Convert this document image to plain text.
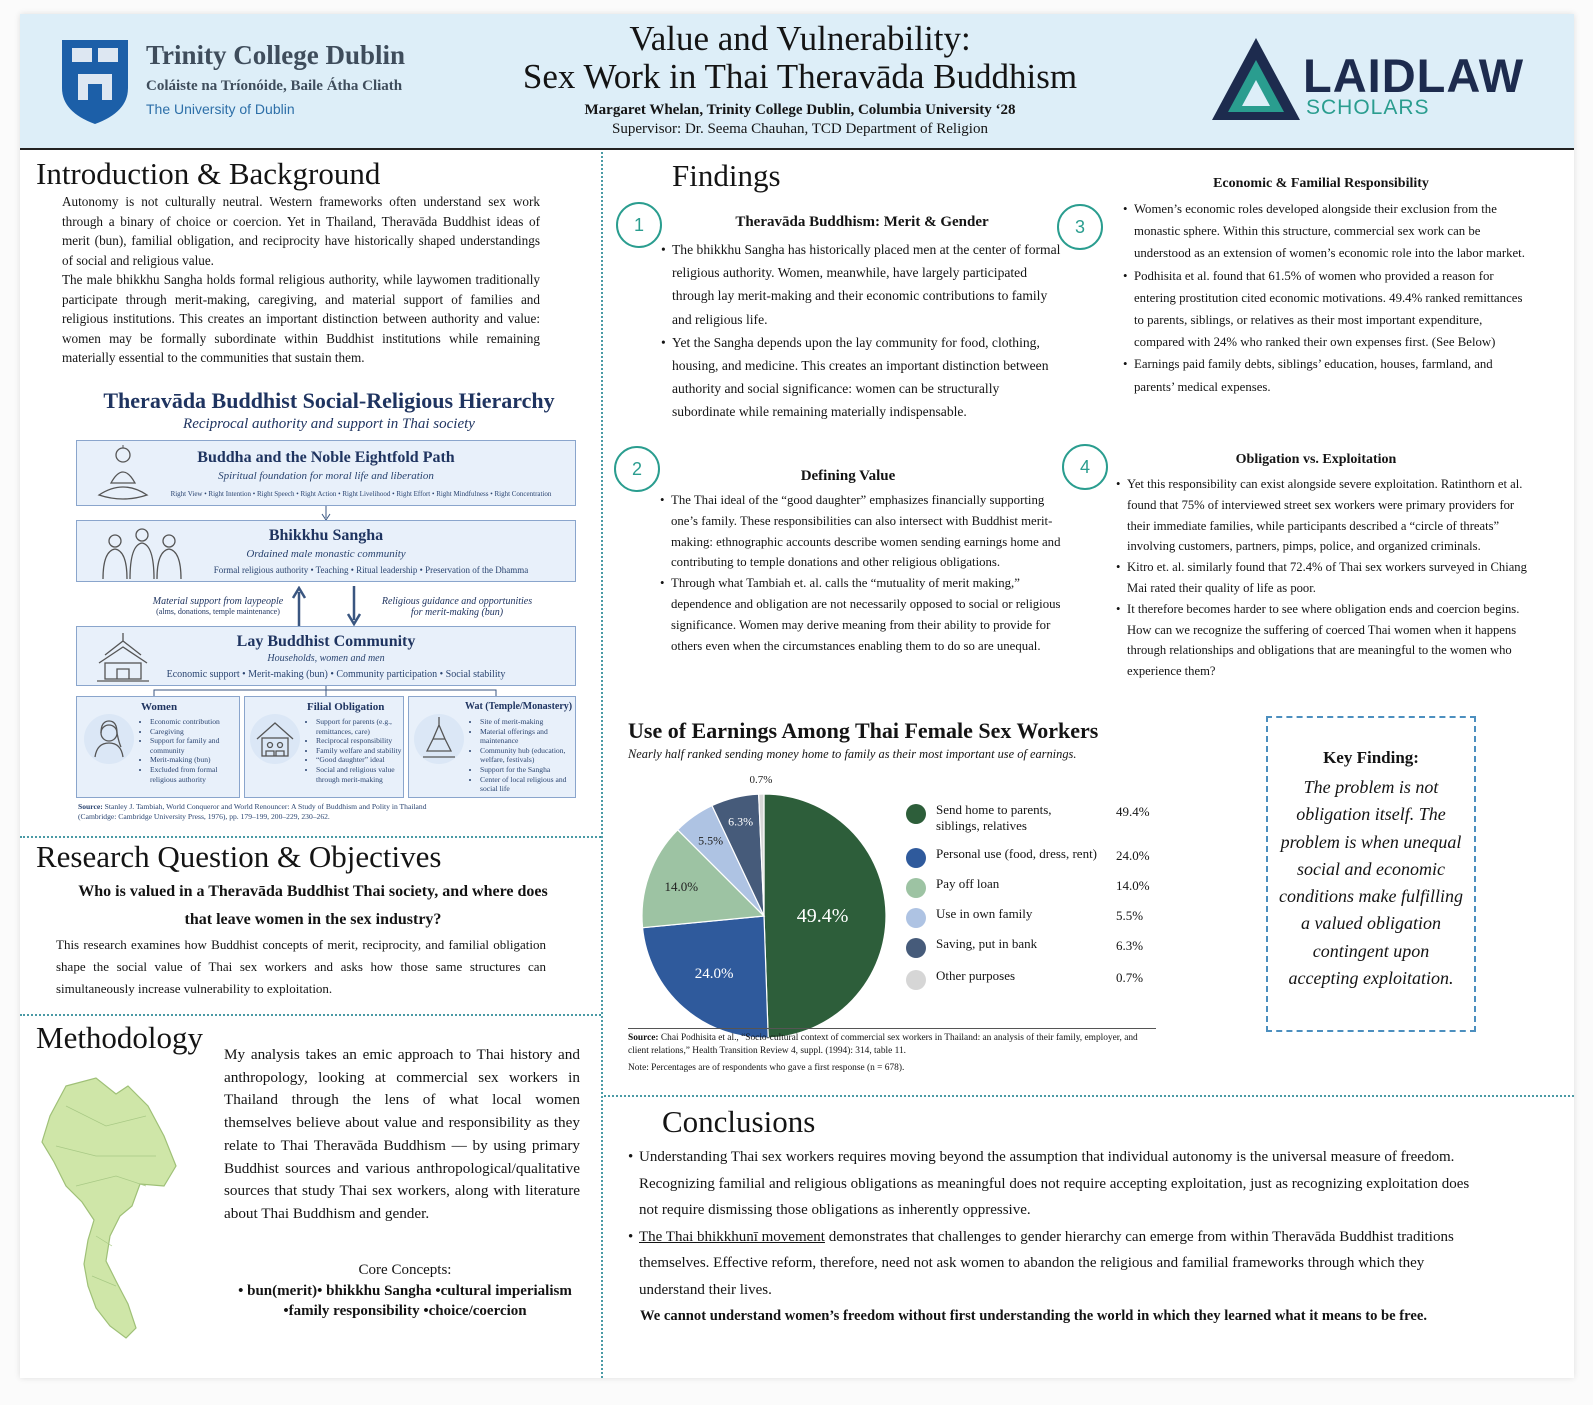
Trinity College Dublin
Coláiste na Tríonóide, Baile Átha Cliath
The University of Dublin
Value and Vulnerability:
Sex Work in Thai Theravāda Buddhism
Margaret Whelan, Trinity College Dublin, Columbia University ‘28
Supervisor: Dr. Seema Chauhan, TCD Department of Religion
LAIDLAW
SCHOLARS
Introduction & Background
Autonomy is not culturally neutral. Western frameworks often understand sex work through a binary of choice or coercion. Yet in Thailand, Theravāda Buddhist ideas of merit (bun), familial obligation, and reciprocity have historically shaped understandings of social and religious value.
The male bhikkhu Sangha holds formal religious authority, while laywomen traditionally participate through merit-making, caregiving, and material support of families and religious institutions. This creates an important distinction between authority and value: women may be formally subordinate within Buddhist institutions while remaining materially essential to the communities that sustain them.
Theravāda Buddhist Social-Religious Hierarchy
Reciprocal authority and support in Thai society
Buddha and the Noble Eightfold Path
Spiritual foundation for moral life and liberation
Right View • Right Intention • Right Speech • Right Action • Right Livelihood • Right Effort • Right Mindfulness • Right Concentration
Bhikkhu Sangha
Ordained male monastic community
Formal religious authority • Teaching • Ritual leadership • Preservation of the Dhamma
Material support from laypeople
(alms, donations, temple maintenance)
Religious guidance and opportunities
for merit-making (bun)
Lay Buddhist Community
Households, women and men
Economic support • Merit-making (bun) • Community participation • Social stability
Women
• Economic contribution
• Caregiving
• Support for family and community
• Merit-making (bun)
• Excluded from formal religious authority
Filial Obligation
• Support for parents (e.g., remittances, care)
• Reciprocal responsibility
• Family welfare and stability
• “Good daughter” ideal
• Social and religious value through merit-making
Wat (Temple/Monastery)
• Site of merit-making
• Material offerings and maintenance
• Community hub (education, welfare, festivals)
• Support for the Sangha
• Center of local religious and social life
Source: Stanley J. Tambiah, World Conqueror and World Renouncer: A Study of Buddhism and Polity in Thailand (Cambridge: Cambridge University Press, 1976), pp. 179–199, 200–229, 230–262.
Research Question & Objectives
Who is valued in a Theravāda Buddhist Thai society, and where does
that leave women in the sex industry?
This research examines how Buddhist concepts of merit, reciprocity, and familial obligation shape the social value of Thai sex workers and asks how those same structures can simultaneously increase vulnerability to exploitation.
Methodology My analysis takes an emic approach to Thai history and anthropology, looking at commercial sex workers in Thailand through the lens of what local women themselves believe about value and responsibility as they relate to Thai Theravāda Buddhism — by using primary Buddhist sources and various anthropological/qualitative sources that study Thai sex workers, along with literature about Thai Buddhism and gender.
Core Concepts:
• bun(merit)• bhikkhu Sangha •cultural imperialism
•family responsibility •choice/coercion
Findings
1	Theravāda Buddhism: Merit & Gender
• The bhikkhu Sangha has historically placed men at the center of formal religious authority. Women, meanwhile, have largely participated through lay merit-making and their economic contributions to family and religious life.
• Yet the Sangha depends upon the lay community for food, clothing, housing, and medicine. This creates an important distinction between authority and social significance: women can be structurally subordinate while remaining materially indispensable.
2	Defining Value
• The Thai ideal of the “good daughter” emphasizes financially supporting one’s family. These responsibilities can also intersect with Buddhist merit-making: ethnographic accounts describe women sending earnings home and contributing to temple donations and other religious obligations.
• Through what Tambiah et. al. calls the “mutuality of merit making,” dependence and obligation are not necessarily opposed to social or religious significance. Women may derive meaning from their ability to provide for others even when the circumstances enabling them to do so are unequal.
3
Economic & Familial Responsibility
• Women’s economic roles developed alongside their exclusion from the monastic sphere. Within this structure, commercial sex work can be understood as an extension of women’s economic role into the labor market.
• Podhisita et al. found that 61.5% of women who provided a reason for entering prostitution cited economic motivations. 49.4% ranked remittances to parents, siblings, or relatives as their most important expenditure, compared with 24% who ranked their own expenses first. (See Below)
• Earnings paid family debts, siblings’ education, houses, farmland, and parents’ medical expenses.
4	Obligation vs. Exploitation
• Yet this responsibility can exist alongside severe exploitation. Ratinthorn et al. found that 75% of interviewed street sex workers were primary providers for their immediate families, while participants described a “circle of threats” involving customers, partners, pimps, police, and organized criminals.
• Kitro et. al. similarly found that 72.4% of Thai sex workers surveyed in Chiang Mai rated their quality of life as poor.
• It therefore becomes harder to see where obligation ends and coercion begins. How can we recognize the suffering of coerced Thai women when it happens through relationships and obligations that are meaningful to the women who experience them?
Use of Earnings Among Thai Female Sex Workers
Nearly half ranked sending money home to family as their most important use of earnings.
49.4%
24.0%
14.0%
5.5%
6.3%
0.7%
Send home to parents, siblings, relatives
49.4%
Personal use (food, dress, rent) 24.0%
Pay off loan	14.0%
Use in own family	5.5%
Saving, put in bank	6.3%
Other purposes	0.7%
Source: Chai Podhisita et al., “Socio-cultural context of commercial sex workers in Thailand: an analysis of their family, employer, and client relations,” Health Transition Review 4, suppl. (1994): 314, table 11.
Note: Percentages are of respondents who gave a first response (n = 678).
Key Finding:
The problem is not obligation itself. The problem is when unequal social and economic conditions make fulfilling a valued obligation contingent upon accepting exploitation.
Conclusions
• Understanding Thai sex workers requires moving beyond the assumption that individual autonomy is the universal measure of freedom. Recognizing familial and religious obligations as meaningful does not require accepting exploitation, just as recognizing exploitation does not require dismissing those obligations as inherently oppressive.
• The Thai bhikkhunī movement demonstrates that challenges to gender hierarchy can emerge from within Theravāda Buddhist traditions themselves. Effective reform, therefore, need not ask women to abandon the religious and familial frameworks through which they understand their lives.
We cannot understand women’s freedom without first understanding the world in which they learned what it means to be free.
